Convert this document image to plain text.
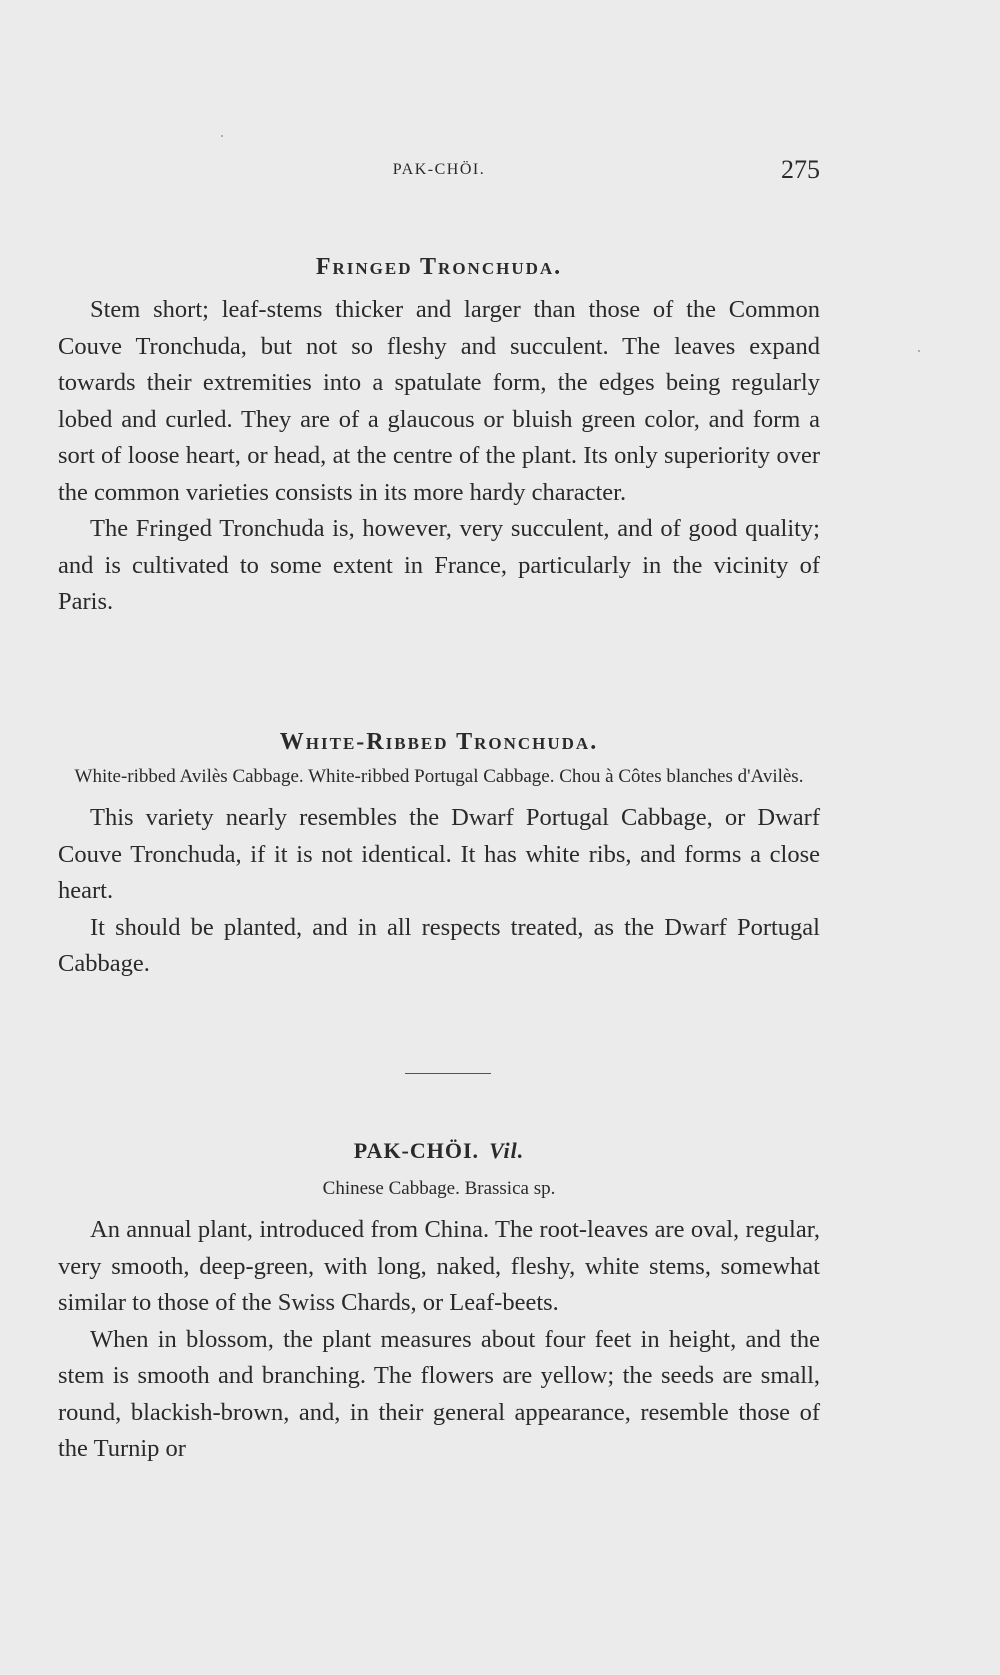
PAK-CHÖI.	275
Fringed Tronchuda.

Stem short; leaf-stems thicker and larger than those of the Common Couve Tronchuda, but not so fleshy and succulent. The leaves expand towards their extremities into a spatulate form, the edges being regularly lobed and curled. They are of a glaucous or bluish green color, and form a sort of loose heart, or head, at the centre of the plant. Its only superiority over the common varieties consists in its more hardy character.

The Fringed Tronchuda is, however, very succulent, and of good quality; and is cultivated to some extent in France, particularly in the vicinity of Paris.

White-Ribbed Tronchuda.

White-ribbed Avilès Cabbage. White-ribbed Portugal Cabbage. Chou à Côtes blanches d'Avilès.

This variety nearly resembles the Dwarf Portugal Cabbage, or Dwarf Couve Tronchuda, if it is not identical. It has white ribs, and forms a close heart.

It should be planted, and in all respects treated, as the Dwarf Portugal Cabbage.

PAK-CHÖI. Vil.

Chinese Cabbage. Brassica sp.

An annual plant, introduced from China. The root-leaves are oval, regular, very smooth, deep-green, with long, naked, fleshy, white stems, somewhat similar to those of the Swiss Chards, or Leaf-beets.

When in blossom, the plant measures about four feet in height, and the stem is smooth and branching. The flowers are yellow; the seeds are small, round, blackish-brown, and, in their general appearance, resemble those of the Turnip or
